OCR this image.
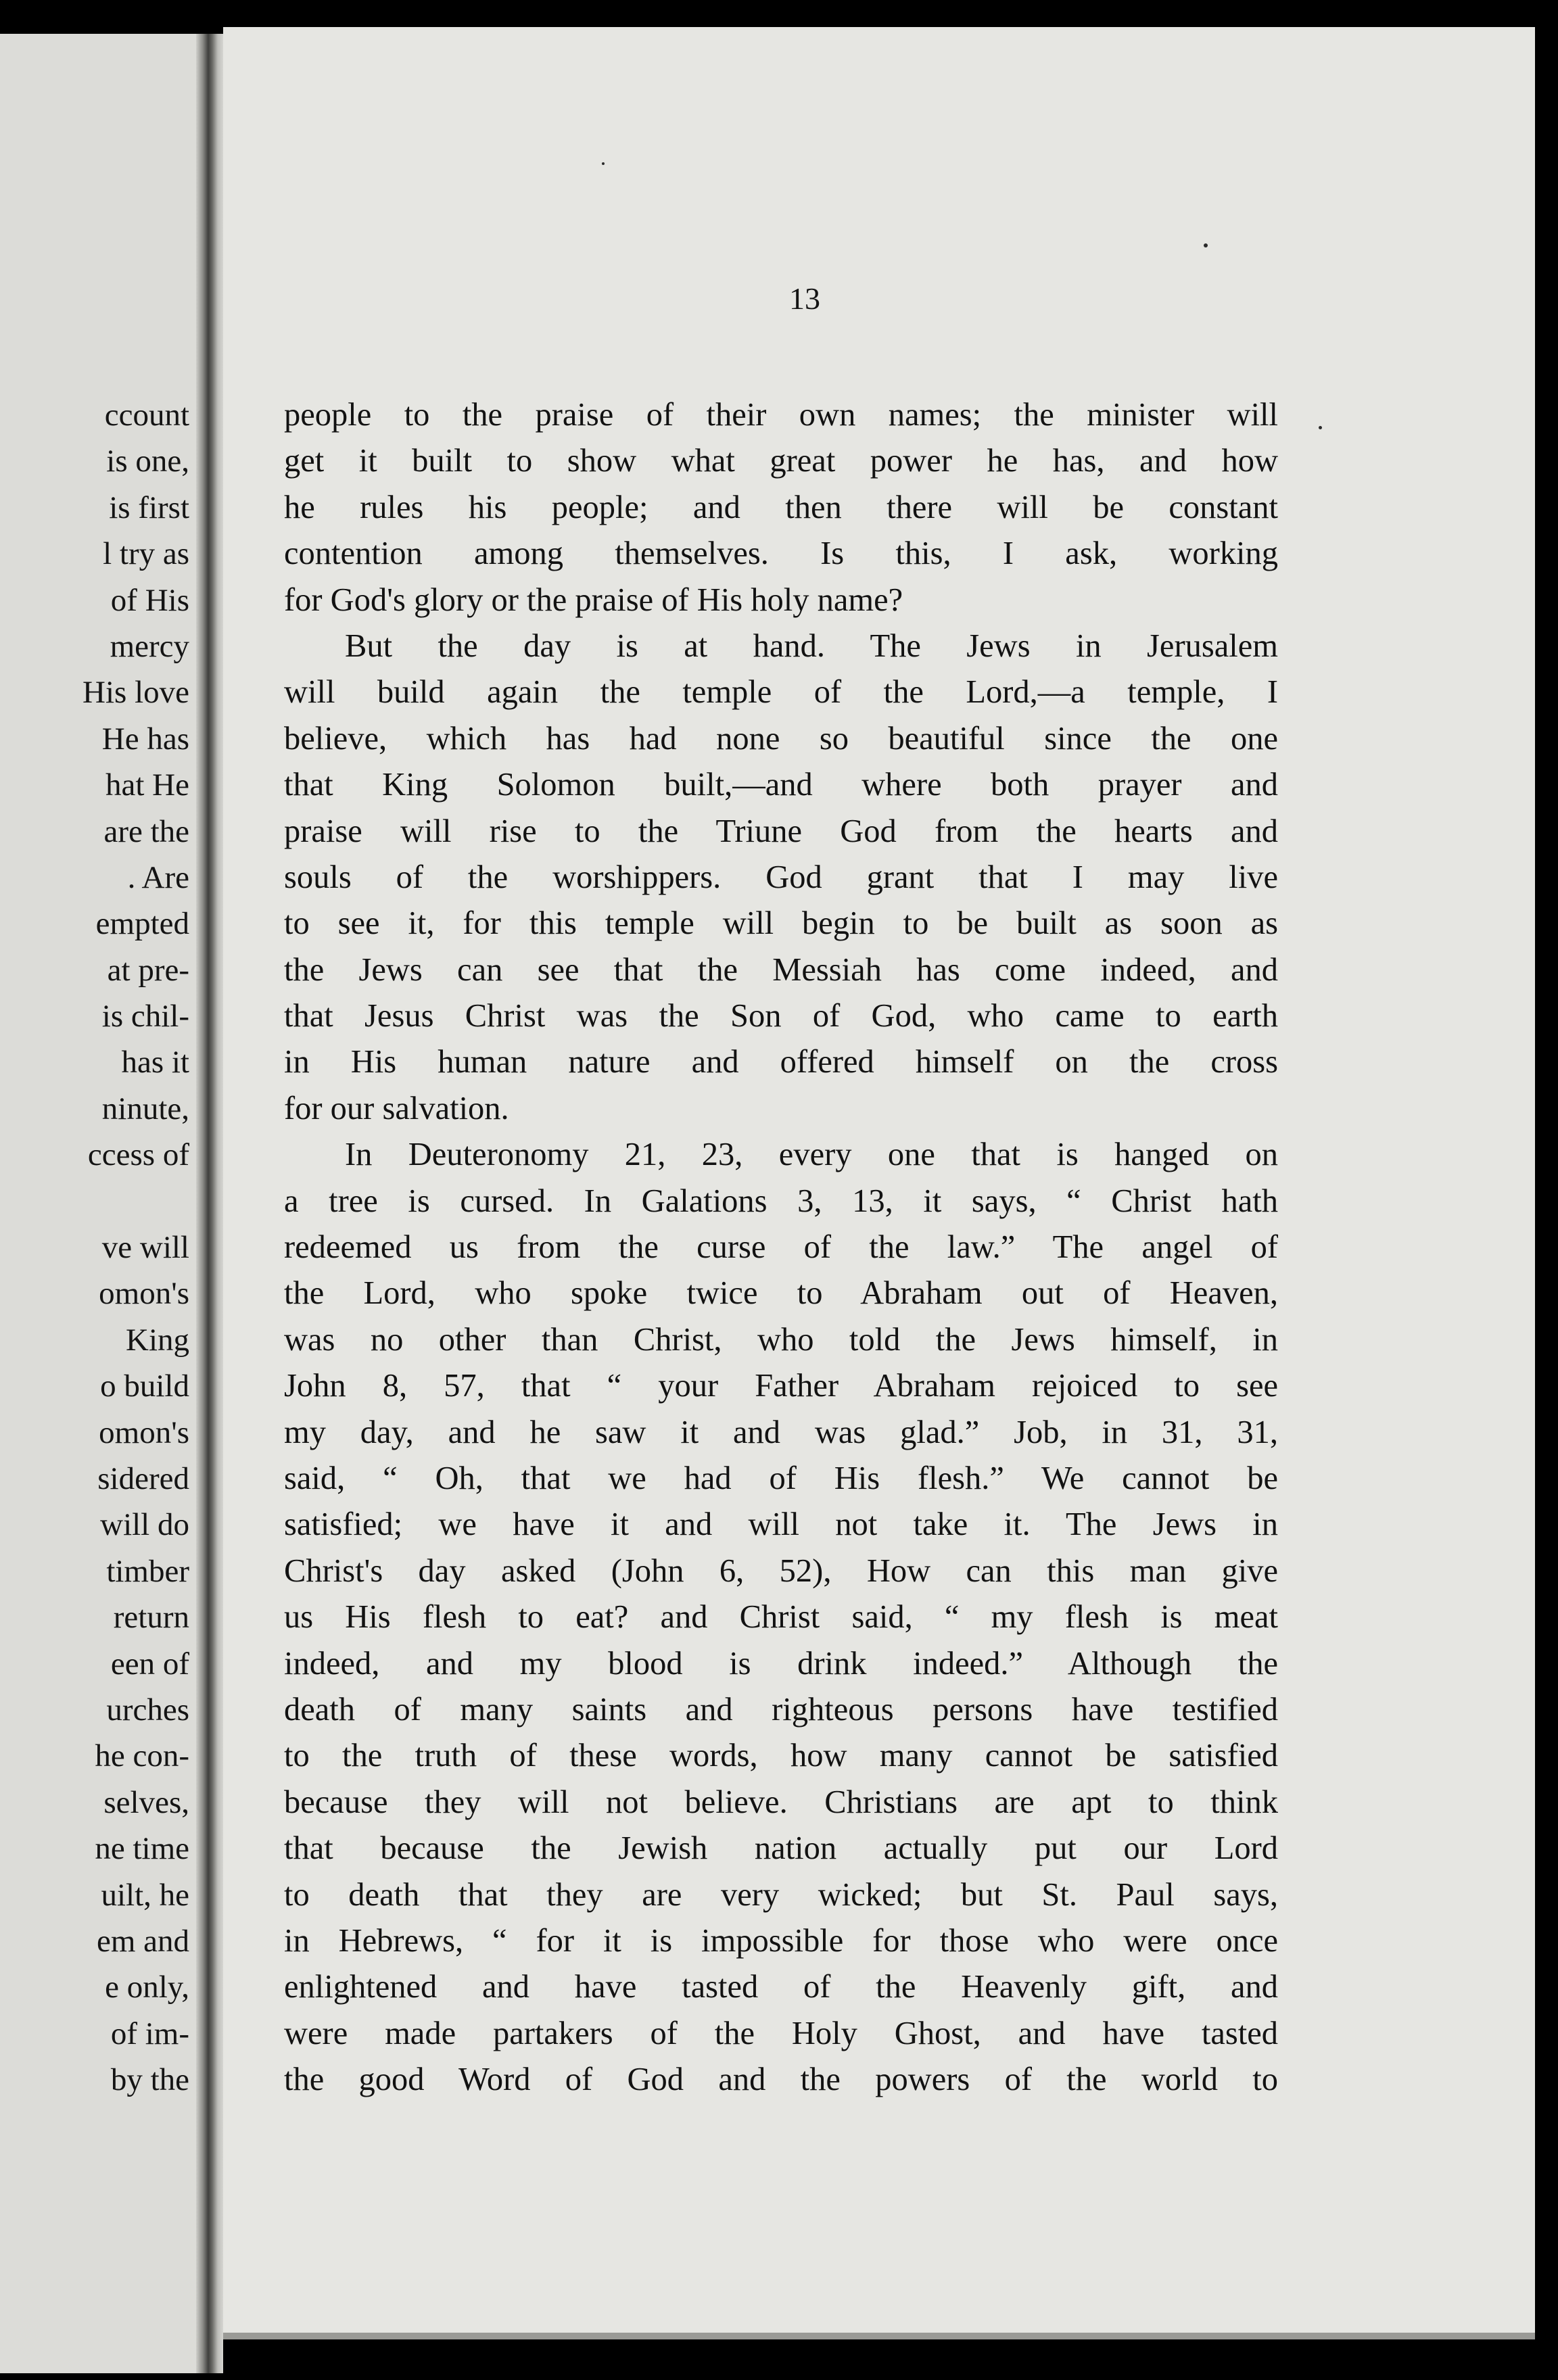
ccount
is one,
is first
l try as
of His
mercy
His love
He has
hat He
are the
. Are
empted
at pre-
is chil-
has it
ninute,
ccess of
ve will
omon's
King
o build
omon's
sidered
will do
timber
return
een of
urches
he con-
selves,
ne time
uilt, he
em and
e only,
of im-
by the
13
people to the praise of their own names; the minister will
get it built to show what great power he has, and how
he rules his people; and then there will be constant
contention among themselves. Is this, I ask, working
for God's glory or the praise of His holy name?
But the day is at hand. The Jews in Jerusalem
will build again the temple of the Lord,—a temple, I
believe, which has had none so beautiful since the one
that King Solomon built,—and where both prayer and
praise will rise to the Triune God from the hearts and
souls of the worshippers. God grant that I may live
to see it, for this temple will begin to be built as soon as
the Jews can see that the Messiah has come indeed, and
that Jesus Christ was the Son of God, who came to earth
in His human nature and offered himself on the cross
for our salvation.
In Deuteronomy 21, 23, every one that is hanged on
a tree is cursed. In Galations 3, 13, it says, “ Christ hath
redeemed us from the curse of the law.” The angel of
the Lord, who spoke twice to Abraham out of Heaven,
was no other than Christ, who told the Jews himself, in
John 8, 57, that “ your Father Abraham rejoiced to see
my day, and he saw it and was glad.” Job, in 31, 31,
said, “ Oh, that we had of His flesh.” We cannot be
satisfied; we have it and will not take it. The Jews in
Christ's day asked (John 6, 52), How can this man give
us His flesh to eat? and Christ said, “ my flesh is meat
indeed, and my blood is drink indeed.” Although the
death of many saints and righteous persons have testified
to the truth of these words, how many cannot be satisfied
because they will not believe. Christians are apt to think
that because the Jewish nation actually put our Lord
to death that they are very wicked; but St. Paul says,
in Hebrews, “ for it is impossible for those who were once
enlightened and have tasted of the Heavenly gift, and
were made partakers of the Holy Ghost, and have tasted
the good Word of God and the powers of the world to
